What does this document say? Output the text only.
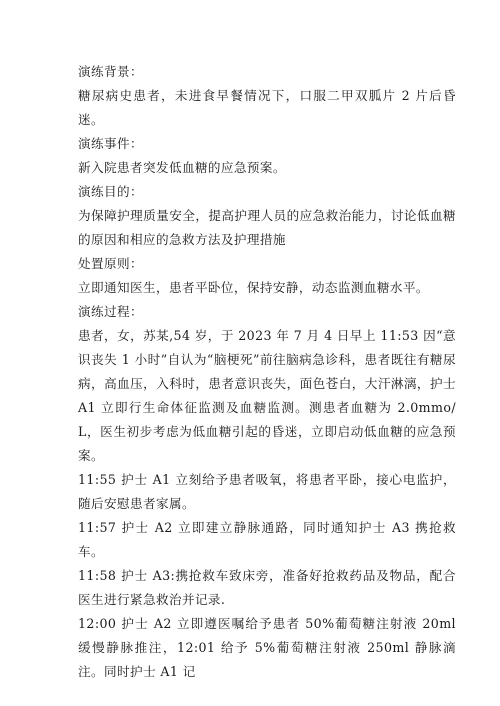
演练背景：

糖尿病史患者，未进食早餐情况下，口服二甲双胍片 2 片后昏迷。

演练事件：

新入院患者突发低血糖的应急预案。

演练目的：

为保障护理质量安全，提高护理人员的应急救治能力，讨论低血糖的原因和相应的急救方法及护理措施

处置原则：

立即通知医生，患者平卧位，保持安静，动态监测血糖水平。

演练过程：

患者，女，苏某,54 岁，于 2023 年 7 月 4 日早上 11:53 因“意识丧失 1 小时”自认为“脑梗死”前往脑病急诊科，患者既往有糖尿病，高血压，入科时，患者意识丧失，面色苍白，大汗淋漓，护士 A1 立即行生命体征监测及血糖监测。测患者血糖为 2.0mmo/L，医生初步考虑为低血糖引起的昏迷，立即启动低血糖的应急预案。

11:55 护士 A1 立刻给予患者吸氧，将患者平卧，接心电监护，随后安慰患者家属。

11:57 护士 A2 立即建立静脉通路，同时通知护士 A3 携抢救车。

11:58 护士 A3:携抢救车致床旁，准备好抢救药品及物品，配合医生进行紧急救治并记录.

12:00 护士 A2 立即遵医嘱给予患者 50%葡萄糖注射液 20ml 缓慢静脉推注，12:01 给予 5%葡萄糖注射液 250ml 静脉滴注。同时护士 A1 记
